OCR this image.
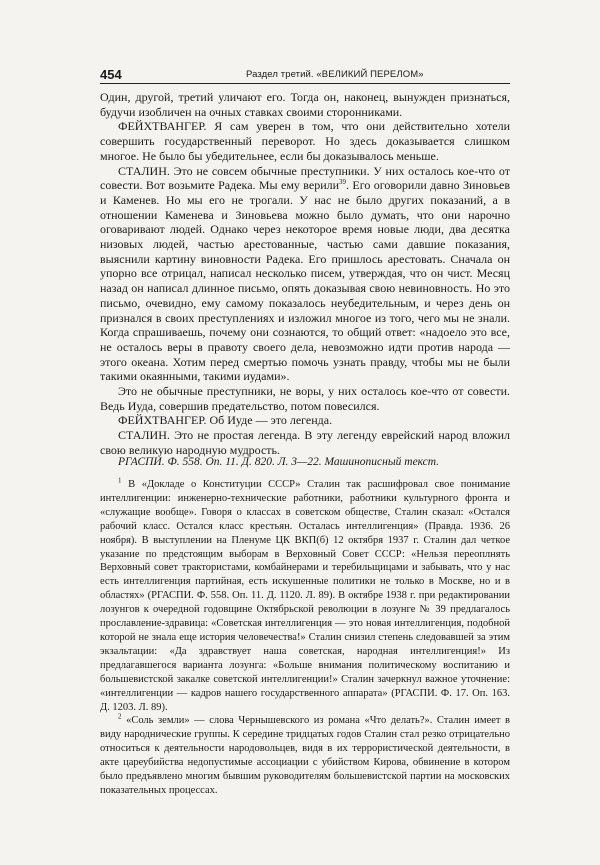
454	Раздел третий. «ВЕЛИКИЙ ПЕРЕЛОМ»

Один, другой, третий уличают его. Тогда он, наконец, вынужден признаться, будучи изобличен на очных ставках своими сторонниками.

ФЕЙХТВАНГЕР. Я сам уверен в том, что они действительно хотели совершить государственный переворот. Но здесь доказывается слишком многое. Не было бы убедительнее, если бы доказывалось меньше.

СТАЛИН. Это не совсем обычные преступники. У них осталось кое-что от совести. Вот возьмите Радека. Мы ему верили$^{39}$. Его оговорили давно Зиновьев и Каменев. Но мы его не трогали. У нас не было других показаний, а в отношении Каменева и Зиновьева можно было думать, что они нарочно оговаривают людей. Однако через некоторое время новые люди, два десятка низовых людей, частью арестованные, частью сами давшие показания, выяснили картину виновности Радека. Его пришлось арестовать. Сначала он упорно все отрицал, написал несколько писем, утверждая, что он чист. Месяц назад он написал длинное письмо, опять доказывая свою невиновность. Но это письмо, очевидно, ему самому показалось неубедительным, и через день он признался в своих преступлениях и изложил многое из того, чего мы не знали. Когда спрашиваешь, почему они сознаются, то общий ответ: «надоело это все, не осталось веры в правоту своего дела, невозможно идти против народа — этого океана. Хотим перед смертью помочь узнать правду, чтобы мы не были такими окаянными, такими иудами».

Это не обычные преступники, не воры, у них осталось кое-что от совести. Ведь Иуда, совершив предательство, потом повесился.

ФЕЙХТВАНГЕР. Об Иуде — это легенда.

СТАЛИН. Это не простая легенда. В эту легенду еврейский народ вложил свою великую народную мудрость.

РГАСПИ. Ф. 558. Оп. 11. Д. 820. Л. 3—22. Машинописный текст.

$^1$ В «Докладе о Конституции СССР» Сталин так расшифровал свое понимание интеллигенции: инженерно-технические работники, работники культурного фронта и «служащие вообще». Говоря о классах в советском обществе, Сталин сказал: «Остался рабочий класс. Остался класс крестьян. Осталась интеллигенция» (Правда. 1936. 26 ноября). В выступлении на Пленуме ЦК ВКП(б) 12 октября 1937 г. Сталин дал четкое указание по предстоящим выборам в Верховный Совет СССР: «Нельзя переоплнять Верховный совет трактористами, комбайнерами и теребильщицами и забывать, что у нас есть интеллигенция партийная, есть искушенные политики не только в Москве, но и в областях» (РГАСПИ. Ф. 558. Оп. 11. Д. 1120. Л. 89). В октябре 1938 г. при редактировании лозунгов к очередной годовщине Октябрьской революции в лозунге № 39 предлагалось прославление-здравица: «Советская интеллигенция — это новая интеллигенция, подобной которой не знала еще история человечества!» Сталин снизил степень следовавшей за этим экзальтации: «Да здравствует наша советская, народная интеллигенция!» Из предлагавшегося варианта лозунга: «Больше внимания политическому воспитанию и большевистской закалке советской интеллигенции!» Сталин зачеркнул важное уточнение: «интеллигенции — кадров нашего государственного аппарата» (РГАСПИ. Ф. 17. Оп. 163. Д. 1203. Л. 89).

$^2$ «Соль земли» — слова Чернышевского из романа «Что делать?». Сталин имеет в виду народнические группы. К середине тридцатых годов Сталин стал резко отрицательно относиться к деятельности народовольцев, видя в их террористической деятельности, в акте цареубийства недопустимые ассоциации с убийством Кирова, обвинение в котором было предъявлено многим бывшим руководителям большевистской партии на московских показательных процессах.
